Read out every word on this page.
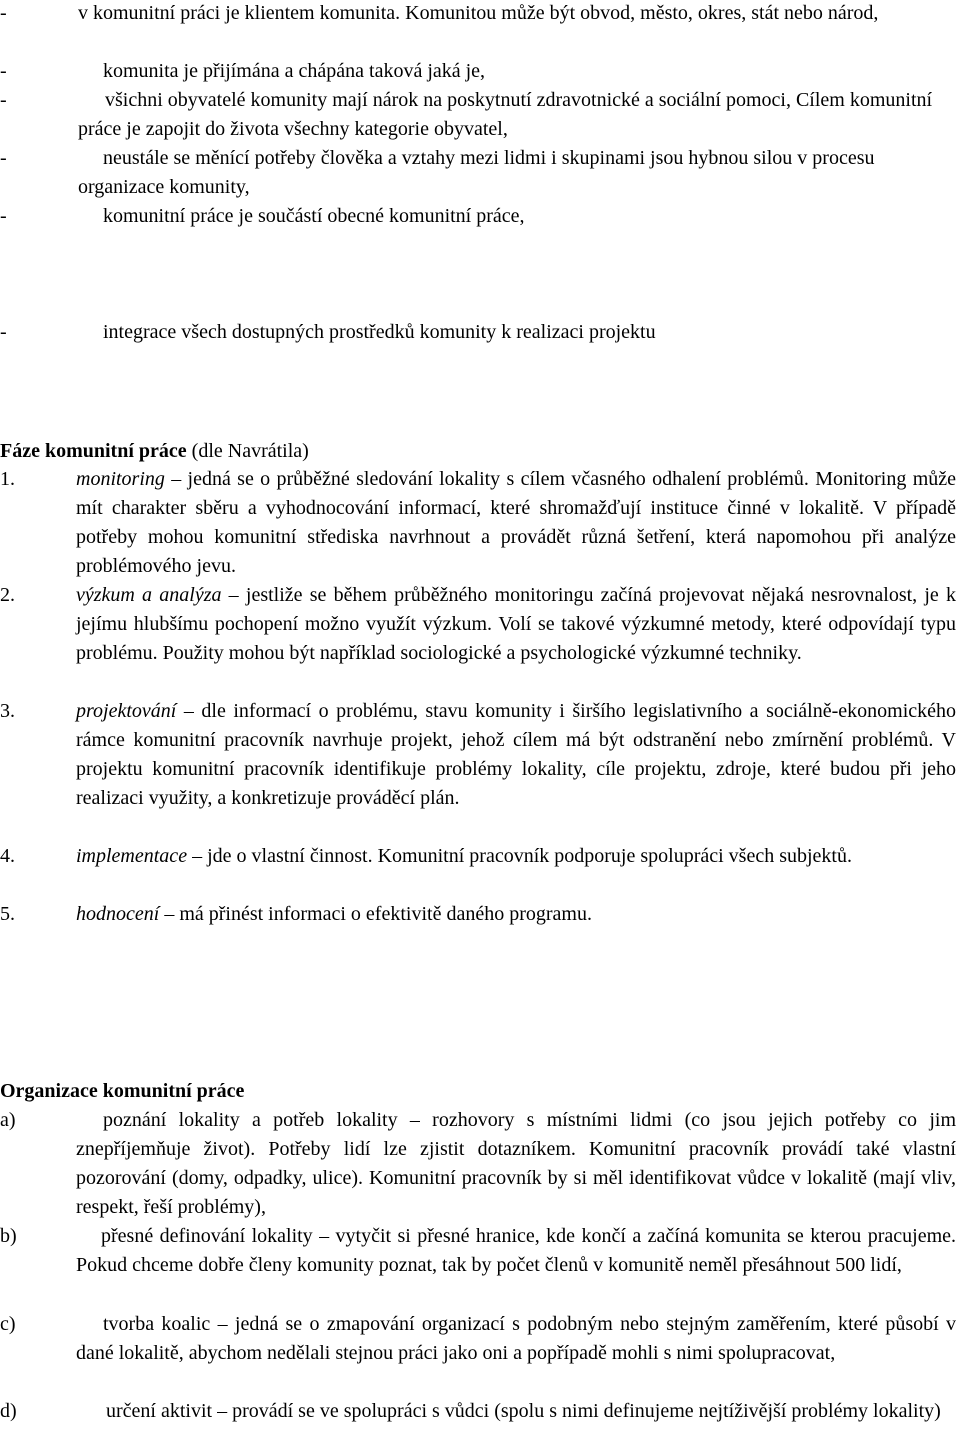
-	v komunitní práci je klientem komunita. Komunitou může být obvod, město, okres, stát nebo národ,
-	komunita je přijímána a chápána taková jaká je,
-	všichni obyvatelé komunity mají nárok na poskytnutí zdravotnické a sociální pomoci, Cílem komunitní práce je zapojit do života všechny kategorie obyvatel,
-	neustále se měnící potřeby člověka a vztahy mezi lidmi i skupinami jsou hybnou silou v procesu organizace komunity,
-	komunitní práce je součástí obecné komunitní práce,
-	integrace všech dostupných prostředků komunity k realizaci projektu
Fáze komunitní práce (dle Navrátila)
1.	monitoring – jedná se o průběžné sledování lokality s cílem včasného odhalení problémů. Monitoring může mít charakter sběru a vyhodnocování informací, které shromažďují instituce činné v lokalitě. V případě potřeby mohou komunitní střediska navrhnout a provádět různá šetření, která napomohou při analýze problémového jevu.
2.	výzkum a analýza – jestliže se během průběžného monitoringu začíná projevovat nějaká nesrovnalost, je k jejímu hlubšímu pochopení možno využít výzkum. Volí se takové výzkumné metody, které odpovídají typu problému. Použity mohou být například sociologické a psychologické výzkumné techniky.
3.	projektování – dle informací o problému, stavu komunity i širšího legislativního a sociálně-ekonomického rámce komunitní pracovník navrhuje projekt, jehož cílem má být odstranění nebo zmírnění problémů. V projektu komunitní pracovník identifikuje problémy lokality, cíle projektu, zdroje, které budou při jeho realizaci využity, a konkretizuje prováděcí plán.
4.	implementace – jde o vlastní činnost. Komunitní pracovník podporuje spolupráci všech subjektů.
5.	hodnocení – má přinést informaci o efektivitě daného programu.
Organizace komunitní práce
a)	poznání lokality a potřeb lokality – rozhovory s místními lidmi (co jsou jejich potřeby co jim znepříjemňuje život). Potřeby lidí lze zjistit dotazníkem. Komunitní pracovník provádí také vlastní pozorování (domy, odpadky, ulice). Komunitní pracovník by si měl identifikovat vůdce v lokalitě (mají vliv, respekt, řeší problémy),
b)	přesné definování lokality – vytyčit si přesné hranice, kde končí a začíná komunita se kterou pracujeme. Pokud chceme dobře členy komunity poznat, tak by počet členů v komunitě neměl přesáhnout 500 lidí,
c)	tvorba koalic – jedná se o zmapování organizací s podobným nebo stejným zaměřením, které působí v dané lokalitě, abychom nedělali stejnou práci jako oni a popřípadě mohli s nimi spolupracovat,
d)	určení aktivit – provádí se ve spolupráci s vůdci (spolu s nimi definujeme nejtíživější problémy lokality)
